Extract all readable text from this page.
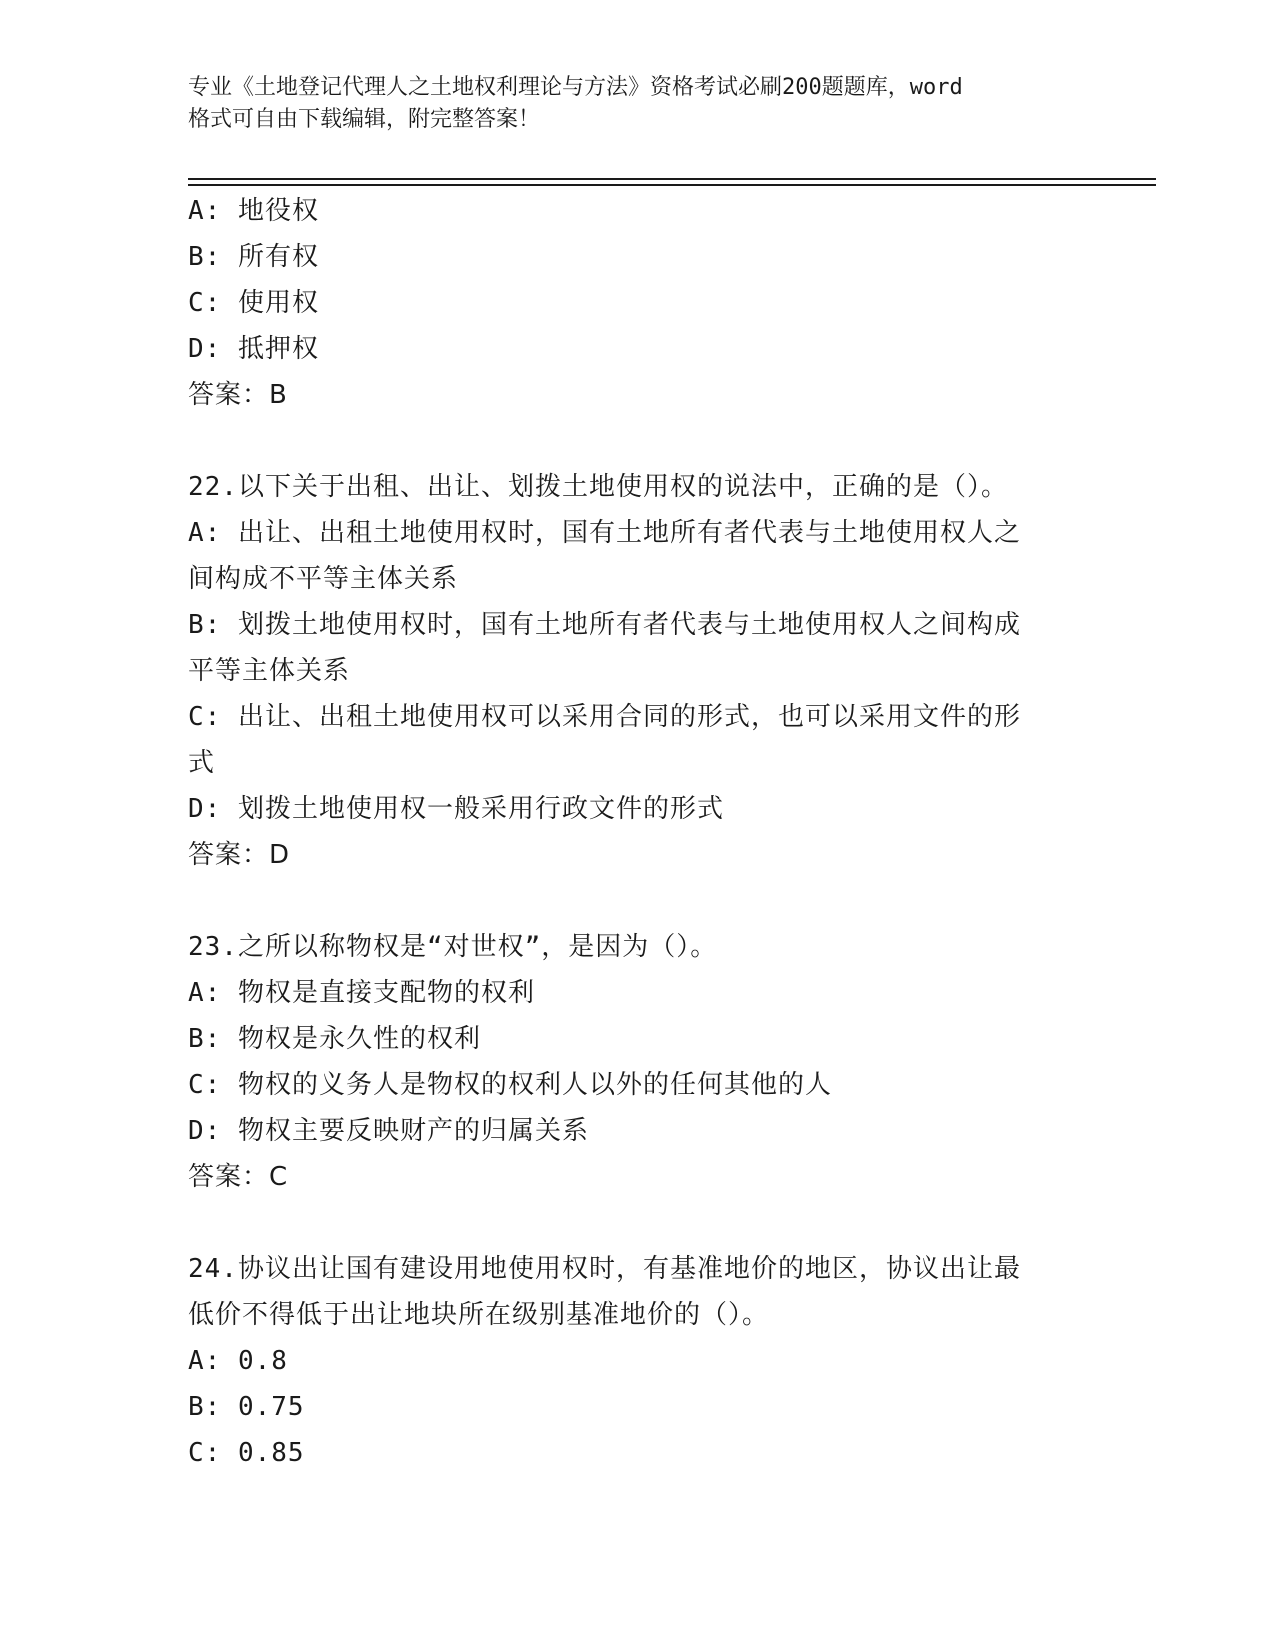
专业《土地登记代理人之土地权利理论与方法》资格考试必刷200题题库，word
格式可自由下载编辑，附完整答案！
A: 地役权
B: 所有权
C: 使用权
D: 抵押权
答案：B
22.以下关于出租、出让、划拨土地使用权的说法中，正确的是（）。
A: 出让、出租土地使用权时，国有土地所有者代表与土地使用权人之
间构成不平等主体关系
B: 划拨土地使用权时，国有土地所有者代表与土地使用权人之间构成
平等主体关系
C: 出让、出租土地使用权可以采用合同的形式，也可以采用文件的形
式
D: 划拨土地使用权一般采用行政文件的形式
答案：D
23.之所以称物权是“对世权”，是因为（）。
A: 物权是直接支配物的权利
B: 物权是永久性的权利
C: 物权的义务人是物权的权利人以外的任何其他的人
D: 物权主要反映财产的归属关系
答案：C
24.协议出让国有建设用地使用权时，有基准地价的地区，协议出让最
低价不得低于出让地块所在级别基准地价的（）。
A: 0.8
B: 0.75
C: 0.85
